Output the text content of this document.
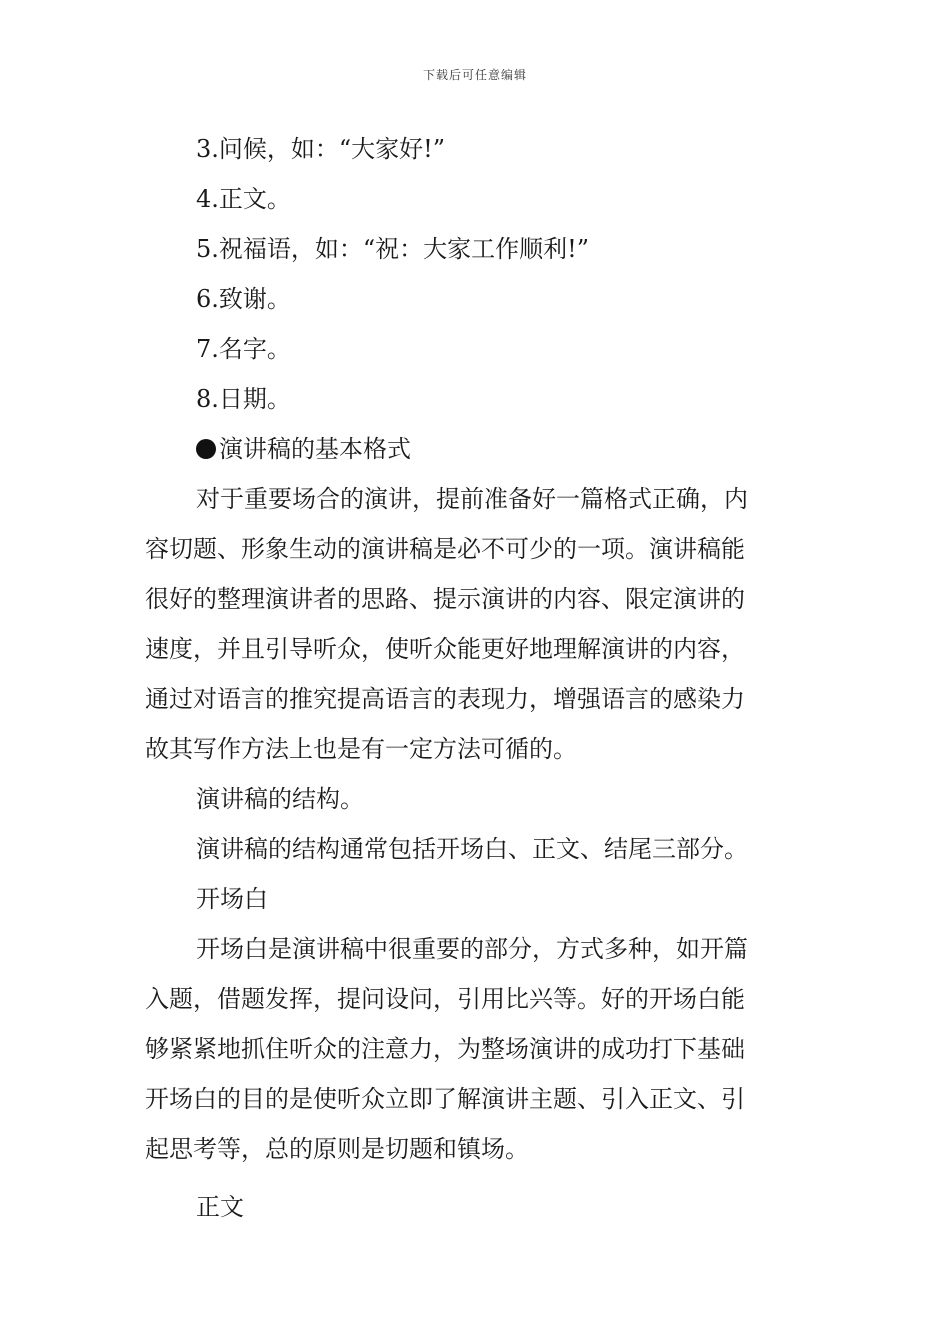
下载后可任意编辑
3.问候，如：“大家好!”
4.正文。
5.祝福语，如：“祝：大家工作顺利!”
6.致谢。
7.名字。
8.日期。
演讲稿的基本格式
对于重要场合的演讲，提前准备好一篇格式正确，内
容切题、形象生动的演讲稿是必不可少的一项。演讲稿能
很好的整理演讲者的思路、提示演讲的内容、限定演讲的
速度，并且引导听众，使听众能更好地理解演讲的内容，
通过对语言的推究提高语言的表现力，增强语言的感染力
故其写作方法上也是有一定方法可循的。
演讲稿的结构。
演讲稿的结构通常包括开场白、正文、结尾三部分。
开场白
开场白是演讲稿中很重要的部分，方式多种，如开篇
入题，借题发挥，提问设问，引用比兴等。好的开场白能
够紧紧地抓住听众的注意力，为整场演讲的成功打下基础
开场白的目的是使听众立即了解演讲主题、引入正文、引
起思考等，总的原则是切题和镇场。
正文
